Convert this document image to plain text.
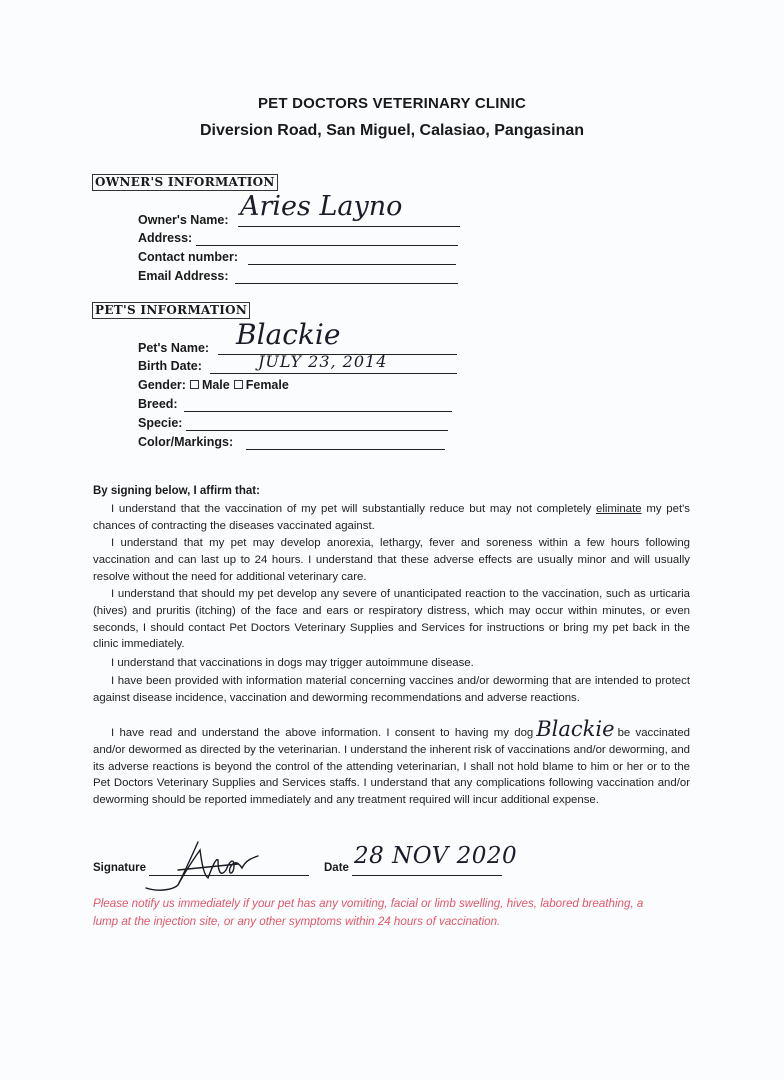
PET DOCTORS VETERINARY CLINIC
Diversion Road, San Miguel, Calasiao, Pangasinan
OWNER'S INFORMATION
Owner's Name: Aries Layno
Address:
Contact number:
Email Address:
PET'S INFORMATION
Pet's Name: Blackie
Birth Date:	JULY 23, 2014
Gender: Male Female
Breed:
Specie:
Color/Markings:
By signing below, I affirm that:
I understand that the vaccination of my pet will substantially reduce but may not completely eliminate my pet's chances of contracting the diseases vaccinated against.
I understand that my pet may develop anorexia, lethargy, fever and soreness within a few hours following vaccination and can last up to 24 hours. I understand that these adverse effects are usually minor and will usually resolve without the need for additional veterinary care.
I understand that should my pet develop any severe of unanticipated reaction to the vaccination, such as urticaria (hives) and pruritis (itching) of the face and ears or respiratory distress, which may occur within minutes, or even seconds, I should contact Pet Doctors Veterinary Supplies and Services for instructions or bring my pet back in the clinic immediately.
I understand that vaccinations in dogs may trigger autoimmune disease.
I have been provided with information material concerning vaccines and/or deworming that are intended to protect against disease incidence, vaccination and deworming recommendations and adverse reactions.
I have read and understand the above information. I consent to having my dog Blackie be vaccinated and/or dewormed as directed by the veterinarian. I understand the inherent risk of vaccinations and/or deworming, and its adverse reactions is beyond the control of the attending veterinarian, I shall not hold blame to him or her or to the Pet Doctors Veterinary Supplies and Services staffs. I understand that any complications following vaccination and/or deworming should be reported immediately and any treatment required will incur additional expense.
Signature	Date 28 NOV 2020
Please notify us immediately if your pet has any vomiting, facial or limb swelling, hives, labored breathing, a lump at the injection site, or any other symptoms within 24 hours of vaccination.
